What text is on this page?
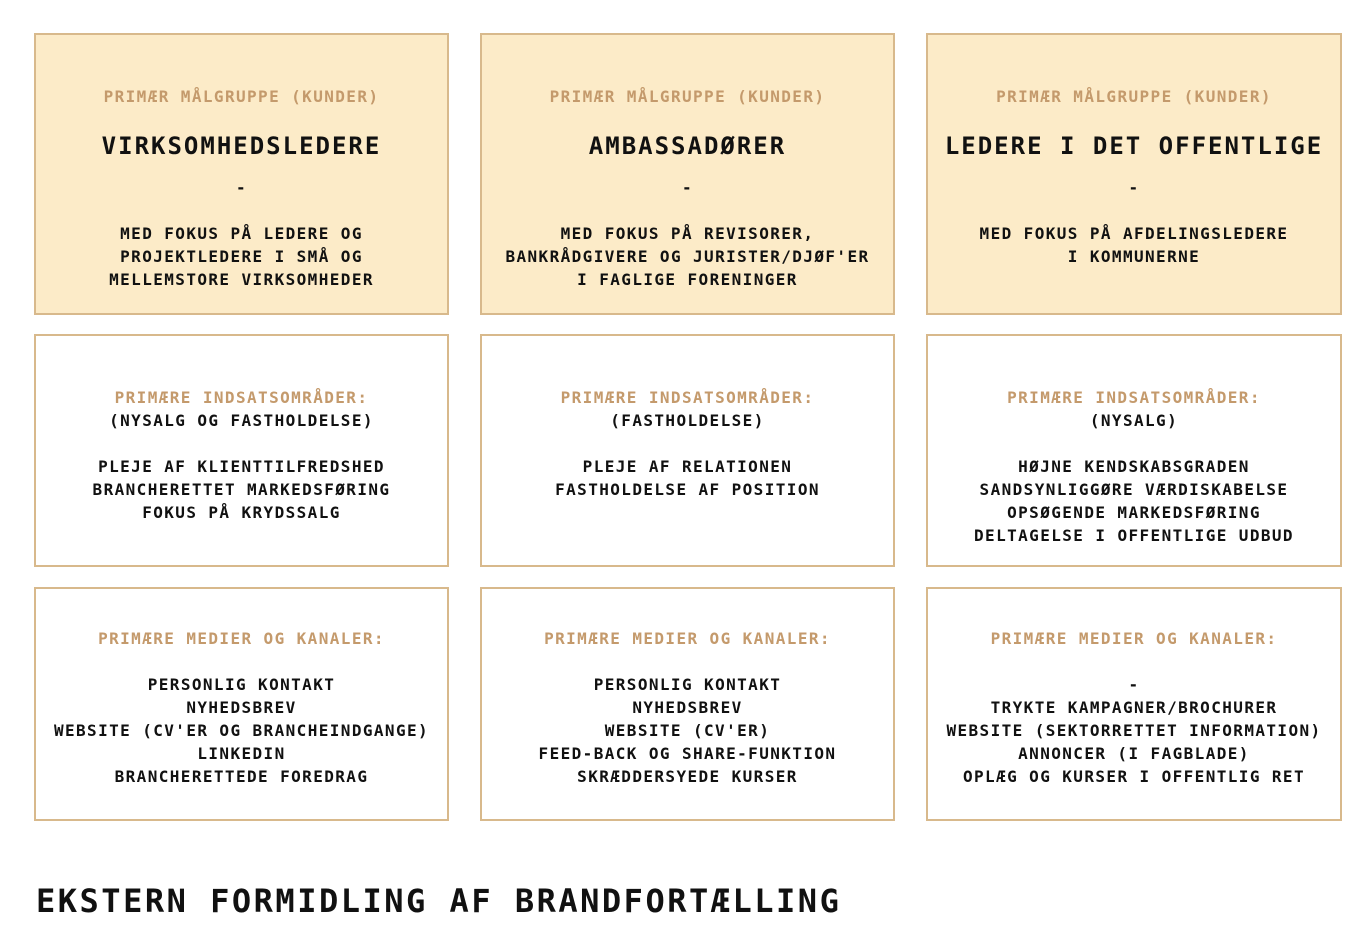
PRIMÆR MÅLGRUPPE (KUNDER)
VIRKSOMHEDSLEDERE
-
MED FOKUS PÅ LEDERE OG
PROJEKTLEDERE I SMÅ OG
MELLEMSTORE VIRKSOMHEDER
PRIMÆR MÅLGRUPPE (KUNDER)
AMBASSADØRER
-
MED FOKUS PÅ REVISORER,
BANKRÅDGIVERE OG JURISTER/DJØF'ER
I FAGLIGE FORENINGER
PRIMÆR MÅLGRUPPE (KUNDER)
LEDERE I DET OFFENTLIGE
-
MED FOKUS PÅ AFDELINGSLEDERE
I KOMMUNERNE
PRIMÆRE INDSATSOMRÅDER:
(NYSALG OG FASTHOLDELSE)
PLEJE AF KLIENTTILFREDSHED
BRANCHERETTET MARKEDSFØRING
FOKUS PÅ KRYDSSALG
PRIMÆRE INDSATSOMRÅDER:
(FASTHOLDELSE)
PLEJE AF RELATIONEN
FASTHOLDELSE AF POSITION
PRIMÆRE INDSATSOMRÅDER:
(NYSALG)
HØJNE KENDSKABSGRADEN
SANDSYNLIGGØRE VÆRDISKABELSE
OPSØGENDE MARKEDSFØRING
DELTAGELSE I OFFENTLIGE UDBUD
PRIMÆRE MEDIER OG KANALER:
PERSONLIG KONTAKT
NYHEDSBREV
WEBSITE (CV'ER OG BRANCHEINDGANGE)
LINKEDIN
BRANCHERETTEDE FOREDRAG
PRIMÆRE MEDIER OG KANALER:
PERSONLIG KONTAKT
NYHEDSBREV
WEBSITE (CV'ER)
FEED-BACK OG SHARE-FUNKTION
SKRÆDDERSYEDE KURSER
PRIMÆRE MEDIER OG KANALER:
-
TRYKTE KAMPAGNER/BROCHURER
WEBSITE (SEKTORRETTET INFORMATION)
ANNONCER (I FAGBLADE)
OPLÆG OG KURSER I OFFENTLIG RET
EKSTERN FORMIDLING AF BRANDFORTÆLLING
